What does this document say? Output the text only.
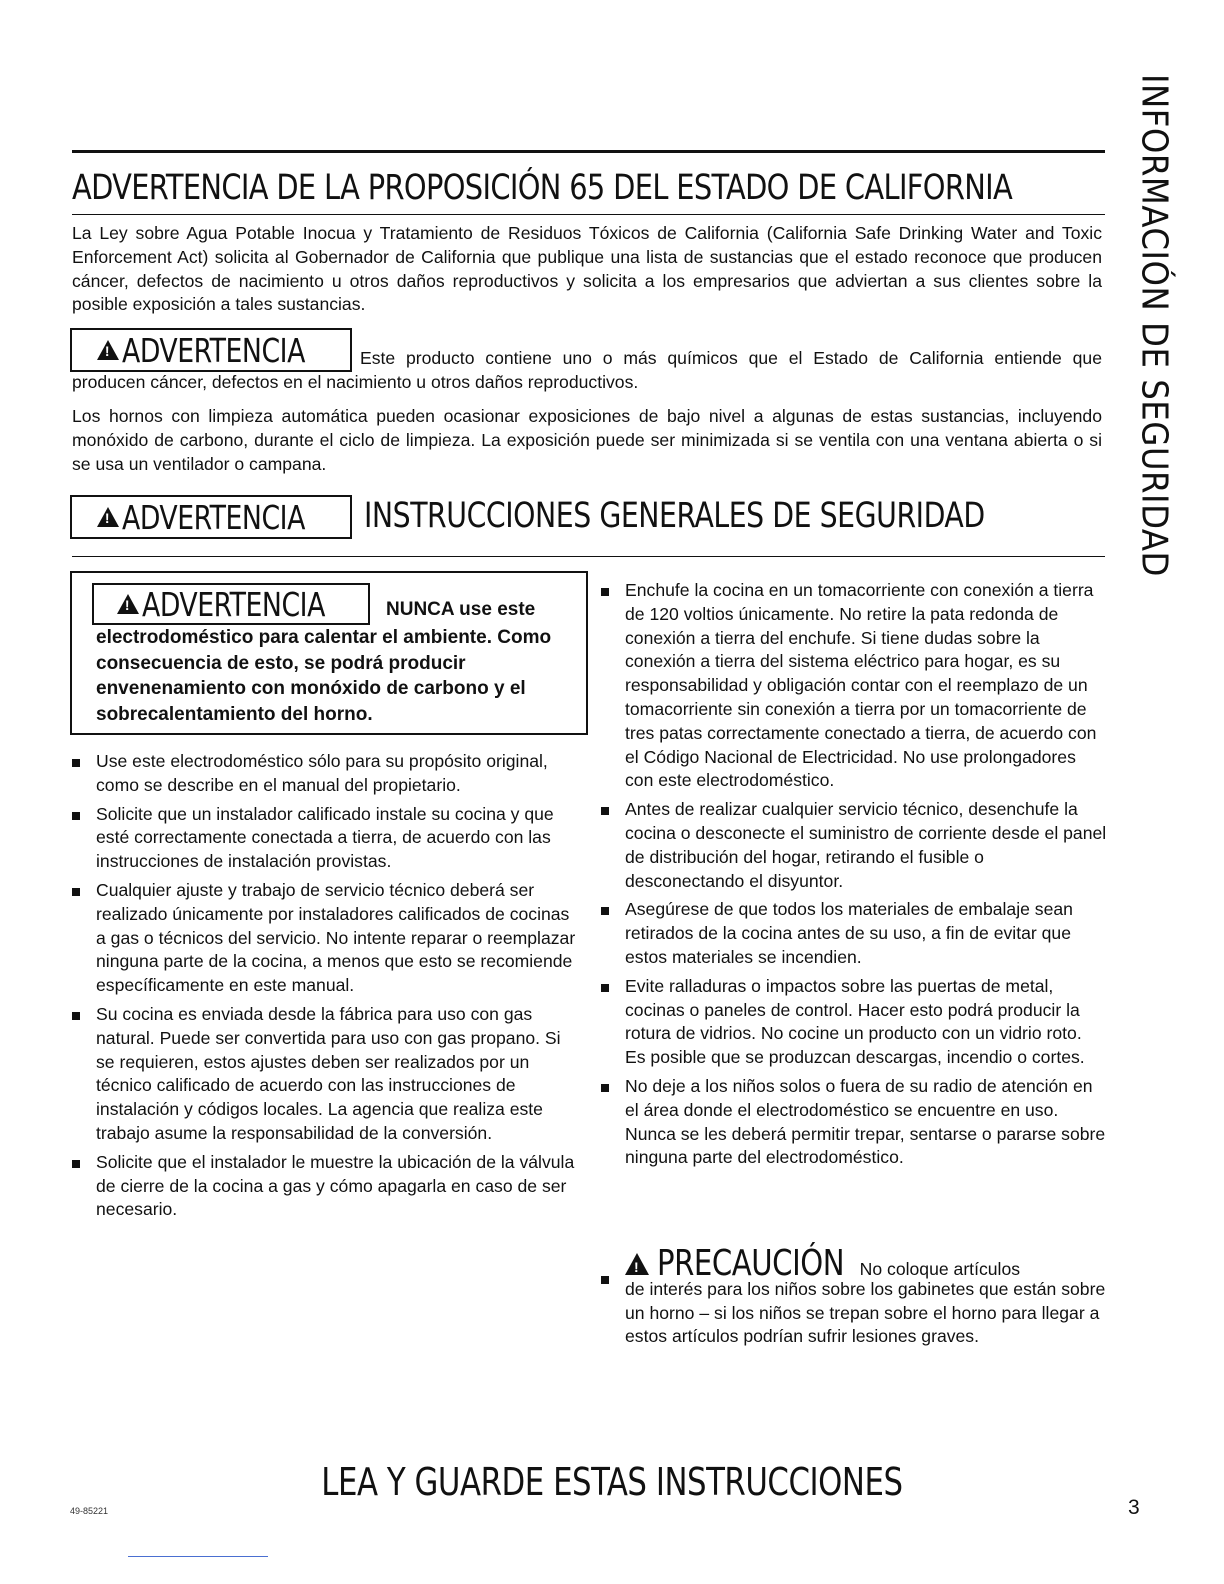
INFORMACIÓN DE SEGURIDAD
ADVERTENCIA DE LA PROPOSICIÓN 65 DEL ESTADO DE CALIFORNIA

La Ley sobre Agua Potable Inocua y Tratamiento de Residuos Tóxicos de California (California Safe Drinking Water and Toxic Enforcement Act) solicita al Gobernador de California que publique una lista de sustancias que el estado reconoce que producen cáncer, defectos de nacimiento u otros daños reproductivos y solicita a los empresarios que adviertan a sus clientes sobre la posible exposición a tales sustancias.

!
ADVERTENCIA	Este producto contiene uno o más químicos que el Estado de California entiende que producen cáncer, defectos en el nacimiento u otros daños reproductivos.

Los hornos con limpieza automática pueden ocasionar exposiciones de bajo nivel a algunas de estas sustancias, incluyendo monóxido de carbono, durante el ciclo de limpieza. La exposición puede ser minimizada si se ventila con una ventana abierta o si se usa un ventilador o campana.

!
ADVERTENCIA INSTRUCCIONES GENERALES DE SEGURIDAD
!
ADVERTENCIA	NUNCA use este
electrodoméstico para calentar el ambiente. Como consecuencia de esto, se podrá producir envenenamiento con monóxido de carbono y el sobrecalentamiento del horno.
Use este electrodoméstico sólo para su propósito original, como se describe en el manual del propietario.
Solicite que un instalador calificado instale su cocina y que esté correctamente conectada a tierra, de acuerdo con las instrucciones de instalación provistas.
Cualquier ajuste y trabajo de servicio técnico deberá ser realizado únicamente por instaladores calificados de cocinas a gas o técnicos del servicio. No intente reparar o reemplazar ninguna parte de la cocina, a menos que esto se recomiende específicamente en este manual.
Su cocina es enviada desde la fábrica para uso con gas natural. Puede ser convertida para uso con gas propano. Si se requieren, estos ajustes deben ser realizados por un técnico calificado de acuerdo con las instrucciones de instalación y códigos locales. La agencia que realiza este trabajo asume la responsabilidad de la conversión.
Solicite que el instalador le muestre la ubicación de la válvula de cierre de la cocina a gas y cómo apagarla en caso de ser necesario.
Enchufe la cocina en un tomacorriente con conexión a tierra de 120 voltios únicamente. No retire la pata redonda de conexión a tierra del enchufe. Si tiene dudas sobre la conexión a tierra del sistema eléctrico para hogar, es su responsabilidad y obligación contar con el reemplazo de un tomacorriente sin conexión a tierra por un tomacorriente de tres patas correctamente conectado a tierra, de acuerdo con el Código Nacional de Electricidad. No use prolongadores con este electrodoméstico.
Antes de realizar cualquier servicio técnico, desenchufe la cocina o desconecte el suministro de corriente desde el panel de distribución del hogar, retirando el fusible o desconectando el disyuntor.
Asegúrese de que todos los materiales de embalaje sean retirados de la cocina antes de su uso, a fin de evitar que estos materiales se incendien.
Evite ralladuras o impactos sobre las puertas de metal, cocinas o paneles de control. Hacer esto podrá producir la rotura de vidrios. No cocine un producto con un vidrio roto. Es posible que se produzcan descargas, incendio o cortes.
No deje a los niños solos o fuera de su radio de atención en el área donde el electrodoméstico se encuentre en uso. Nunca se les deberá permitir trepar, sentarse o pararse sobre ninguna parte del electrodoméstico.
! PRECAUCIÓN No coloque artículos
de interés para los niños sobre los gabinetes que están sobre un horno – si los niños se trepan sobre el horno para llegar a estos artículos podrían sufrir lesiones graves.
LEA Y GUARDE ESTAS INSTRUCCIONES
49-85221	3
